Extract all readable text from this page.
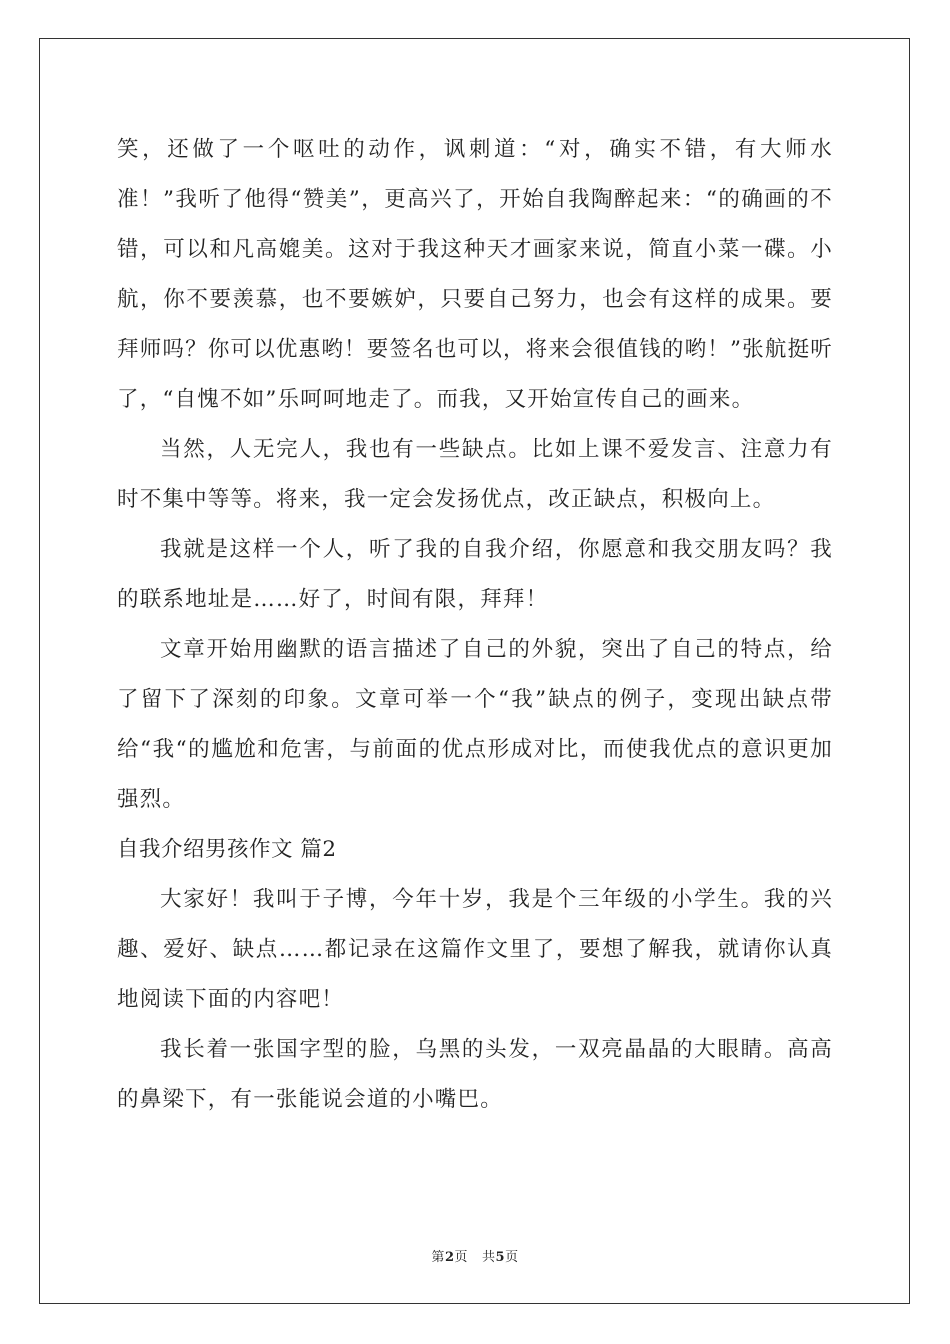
笑，还做了一个呕吐的动作，讽刺道：“对，确实不错，有大师水准！”我听了他得“赞美”，更高兴了，开始自我陶醉起来：“的确画的不错，可以和凡高媲美。这对于我这种天才画家来说，简直小菜一碟。小航，你不要羡慕，也不要嫉妒，只要自己努力，也会有这样的成果。要拜师吗？你可以优惠哟！要签名也可以，将来会很值钱的哟！”张航挺听了，“自愧不如”乐呵呵地走了。而我，又开始宣传自己的画来。

当然，人无完人，我也有一些缺点。比如上课不爱发言、注意力有时不集中等等。将来，我一定会发扬优点，改正缺点，积极向上。

我就是这样一个人，听了我的自我介绍，你愿意和我交朋友吗？我的联系地址是……好了，时间有限，拜拜！

文章开始用幽默的语言描述了自己的外貌，突出了自己的特点，给了留下了深刻的印象。文章可举一个“我”缺点的例子，变现出缺点带给“我“的尴尬和危害，与前面的优点形成对比，而使我优点的意识更加强烈。

自我介绍男孩作文 篇2

大家好！我叫于子博，今年十岁，我是个三年级的小学生。我的兴趣、爱好、缺点……都记录在这篇作文里了，要想了解我，就请你认真地阅读下面的内容吧！

我长着一张国字型的脸，乌黑的头发，一双亮晶晶的大眼睛。高高的鼻梁下，有一张能说会道的小嘴巴。

第2页 共5页
